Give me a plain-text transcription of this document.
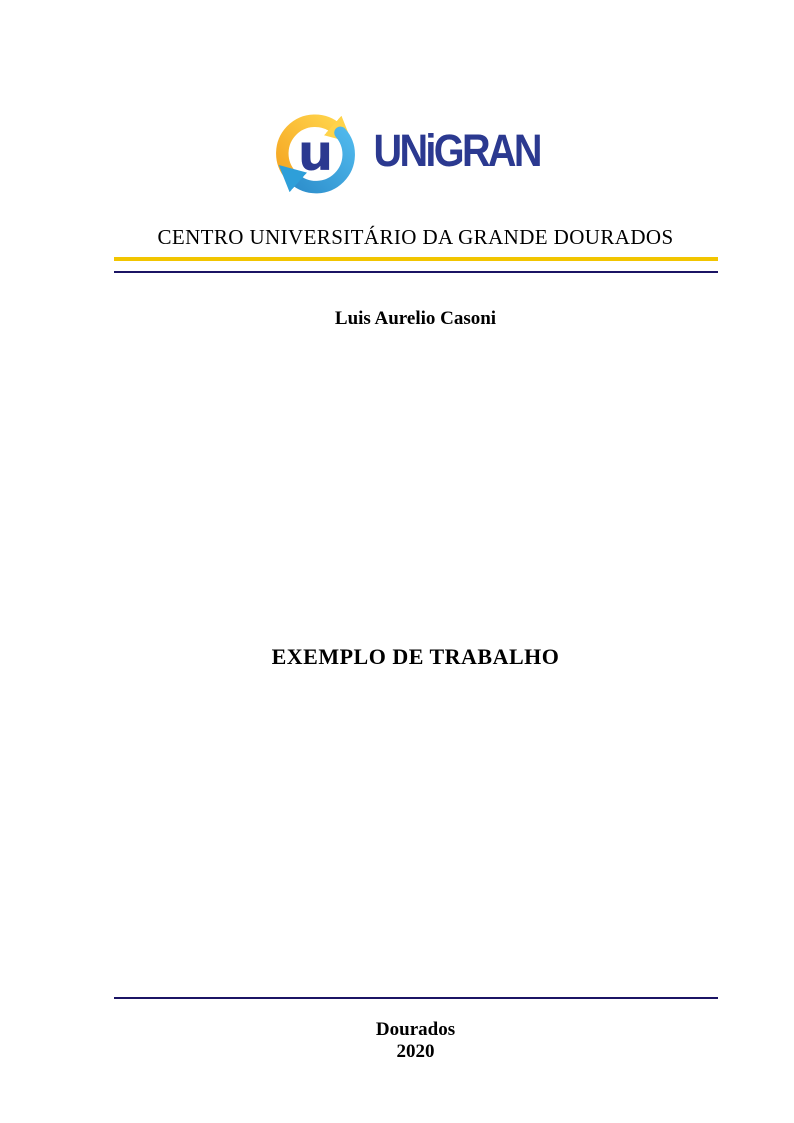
u UNiGRAN
CENTRO UNIVERSITÁRIO DA GRANDE DOURADOS
Luis Aurelio Casoni
EXEMPLO DE TRABALHO
Dourados
2020
